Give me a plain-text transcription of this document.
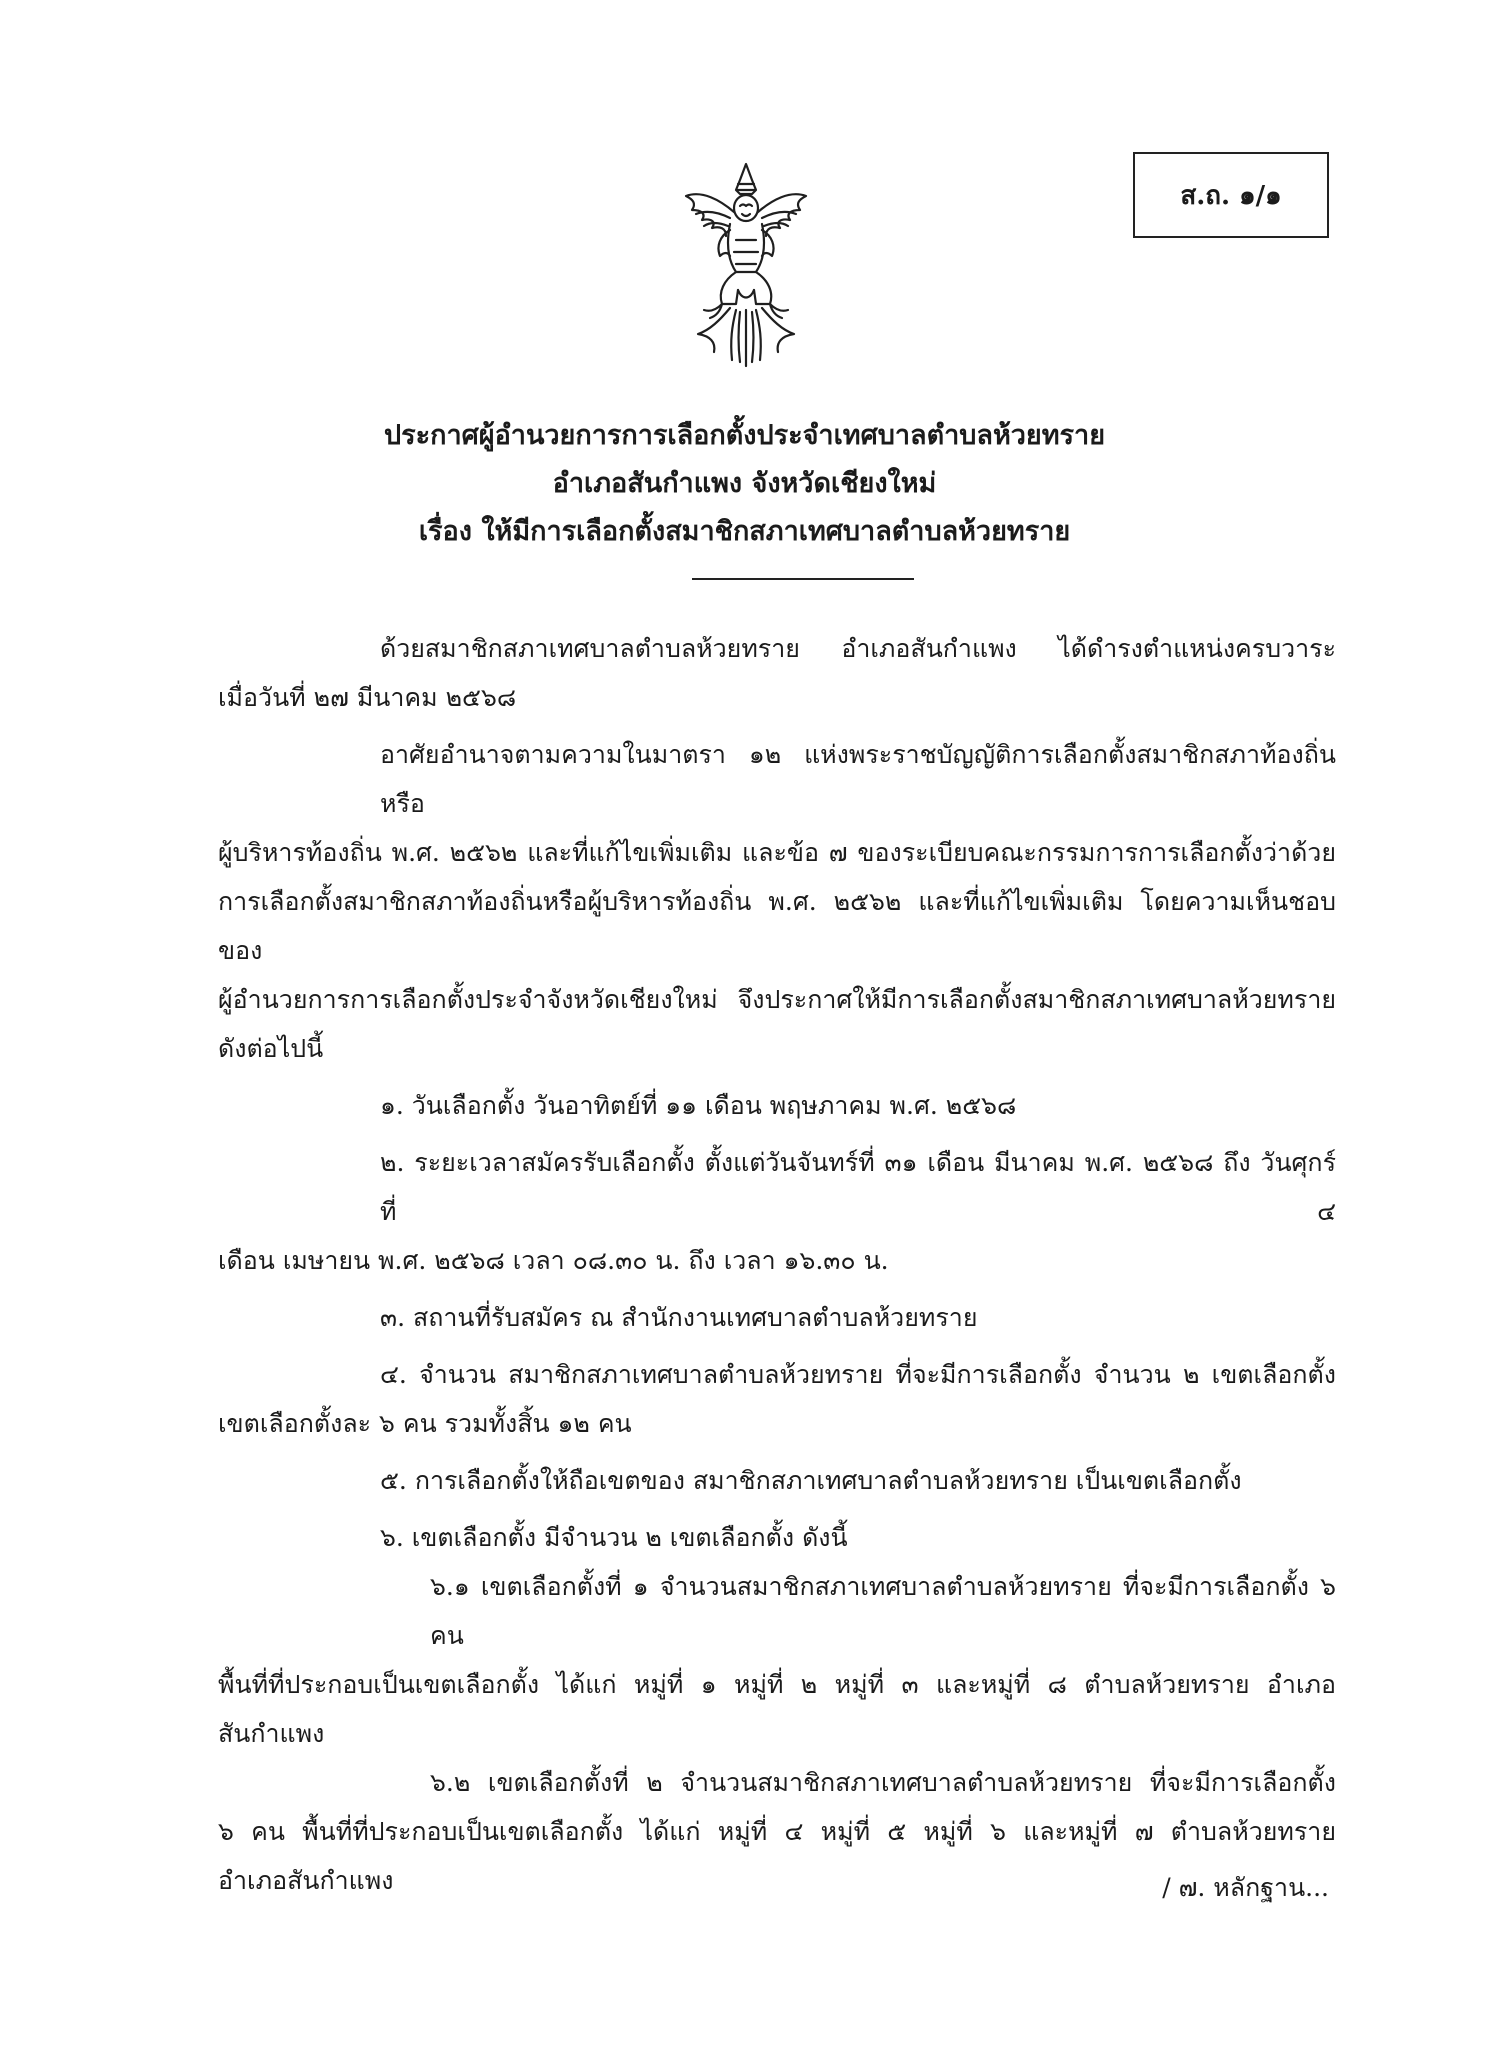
ส.ถ. ๑/๑
ประกาศผู้อำนวยการการเลือกตั้งประจำเทศบาลตำบลห้วยทราย
อำเภอสันกำแพง จังหวัดเชียงใหม่
เรื่อง ให้มีการเลือกตั้งสมาชิกสภาเทศบาลตำบลห้วยทราย
ด้วยสมาชิกสภาเทศบาลตำบลห้วยทราย อำเภอสันกำแพง ได้ดำรงตำแหน่งครบวาระ
เมื่อวันที่ ๒๗ มีนาคม ๒๕๖๘
อาศัยอำนาจตามความในมาตรา ๑๒ แห่งพระราชบัญญัติการเลือกตั้งสมาชิกสภาท้องถิ่นหรือ
ผู้บริหารท้องถิ่น พ.ศ. ๒๕๖๒ และที่แก้ไขเพิ่มเติม และข้อ ๗ ของระเบียบคณะกรรมการการเลือกตั้งว่าด้วย
การเลือกตั้งสมาชิกสภาท้องถิ่นหรือผู้บริหารท้องถิ่น พ.ศ. ๒๕๖๒ และที่แก้ไขเพิ่มเติม โดยความเห็นชอบของ
ผู้อำนวยการการเลือกตั้งประจำจังหวัดเชียงใหม่ จึงประกาศให้มีการเลือกตั้งสมาชิกสภาเทศบาลห้วยทราย
ดังต่อไปนี้
๑. วันเลือกตั้ง วันอาทิตย์ที่ ๑๑ เดือน พฤษภาคม พ.ศ. ๒๕๖๘
๒. ระยะเวลาสมัครรับเลือกตั้ง ตั้งแต่วันจันทร์ที่ ๓๑ เดือน มีนาคม พ.ศ. ๒๕๖๘ ถึง วันศุกร์ ที่ ๔
เดือน เมษายน พ.ศ. ๒๕๖๘ เวลา ๐๘.๓๐ น. ถึง เวลา ๑๖.๓๐ น.
๓. สถานที่รับสมัคร ณ สำนักงานเทศบาลตำบลห้วยทราย
๔. จำนวน สมาชิกสภาเทศบาลตำบลห้วยทราย ที่จะมีการเลือกตั้ง จำนวน ๒ เขตเลือกตั้ง
เขตเลือกตั้งละ ๖ คน รวมทั้งสิ้น ๑๒ คน
๕. การเลือกตั้งให้ถือเขตของ สมาชิกสภาเทศบาลตำบลห้วยทราย เป็นเขตเลือกตั้ง
๖. เขตเลือกตั้ง มีจำนวน ๒ เขตเลือกตั้ง ดังนี้
๖.๑ เขตเลือกตั้งที่ ๑ จำนวนสมาชิกสภาเทศบาลตำบลห้วยทราย ที่จะมีการเลือกตั้ง ๖ คน
พื้นที่ที่ประกอบเป็นเขตเลือกตั้ง ได้แก่ หมู่ที่ ๑ หมู่ที่ ๒ หมู่ที่ ๓ และหมู่ที่ ๘ ตำบลห้วยทราย อำเภอสันกำแพง
๖.๒ เขตเลือกตั้งที่ ๒ จำนวนสมาชิกสภาเทศบาลตำบลห้วยทราย ที่จะมีการเลือกตั้ง
๖ คน พื้นที่ที่ประกอบเป็นเขตเลือกตั้ง ได้แก่ หมู่ที่ ๔ หมู่ที่ ๕ หมู่ที่ ๖ และหมู่ที่ ๗ ตำบลห้วยทราย
อำเภอสันกำแพง	/ ๗. หลักฐาน...
